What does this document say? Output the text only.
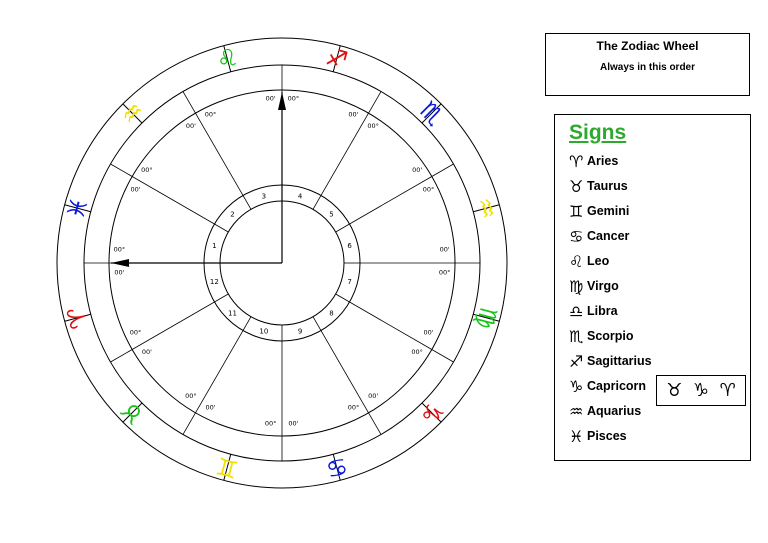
1
2
3	4
5
6
7
8
9
10
11
12
00°
00'
00°
00'
00°
00'
00°
00'
00°
00'
00°
00'
00° 00'
00°
00'
00°
00'
00°
00'
00°
00'
00°
00'
♌	♐
♏
♒
♍
♑
♋
♊
♉
♈
♓
♒
The Zodiac Wheel
Always in this order
Signs
♈ Aries
♉ Taurus
♊ Gemini
♋ Cancer
♌ Leo
♍ Virgo
♎ Libra
♏ Scorpio
♐ Sagittarius
♑ Capricorn
♒ Aquarius
♓ Pisces
♉ ♑ ♈
